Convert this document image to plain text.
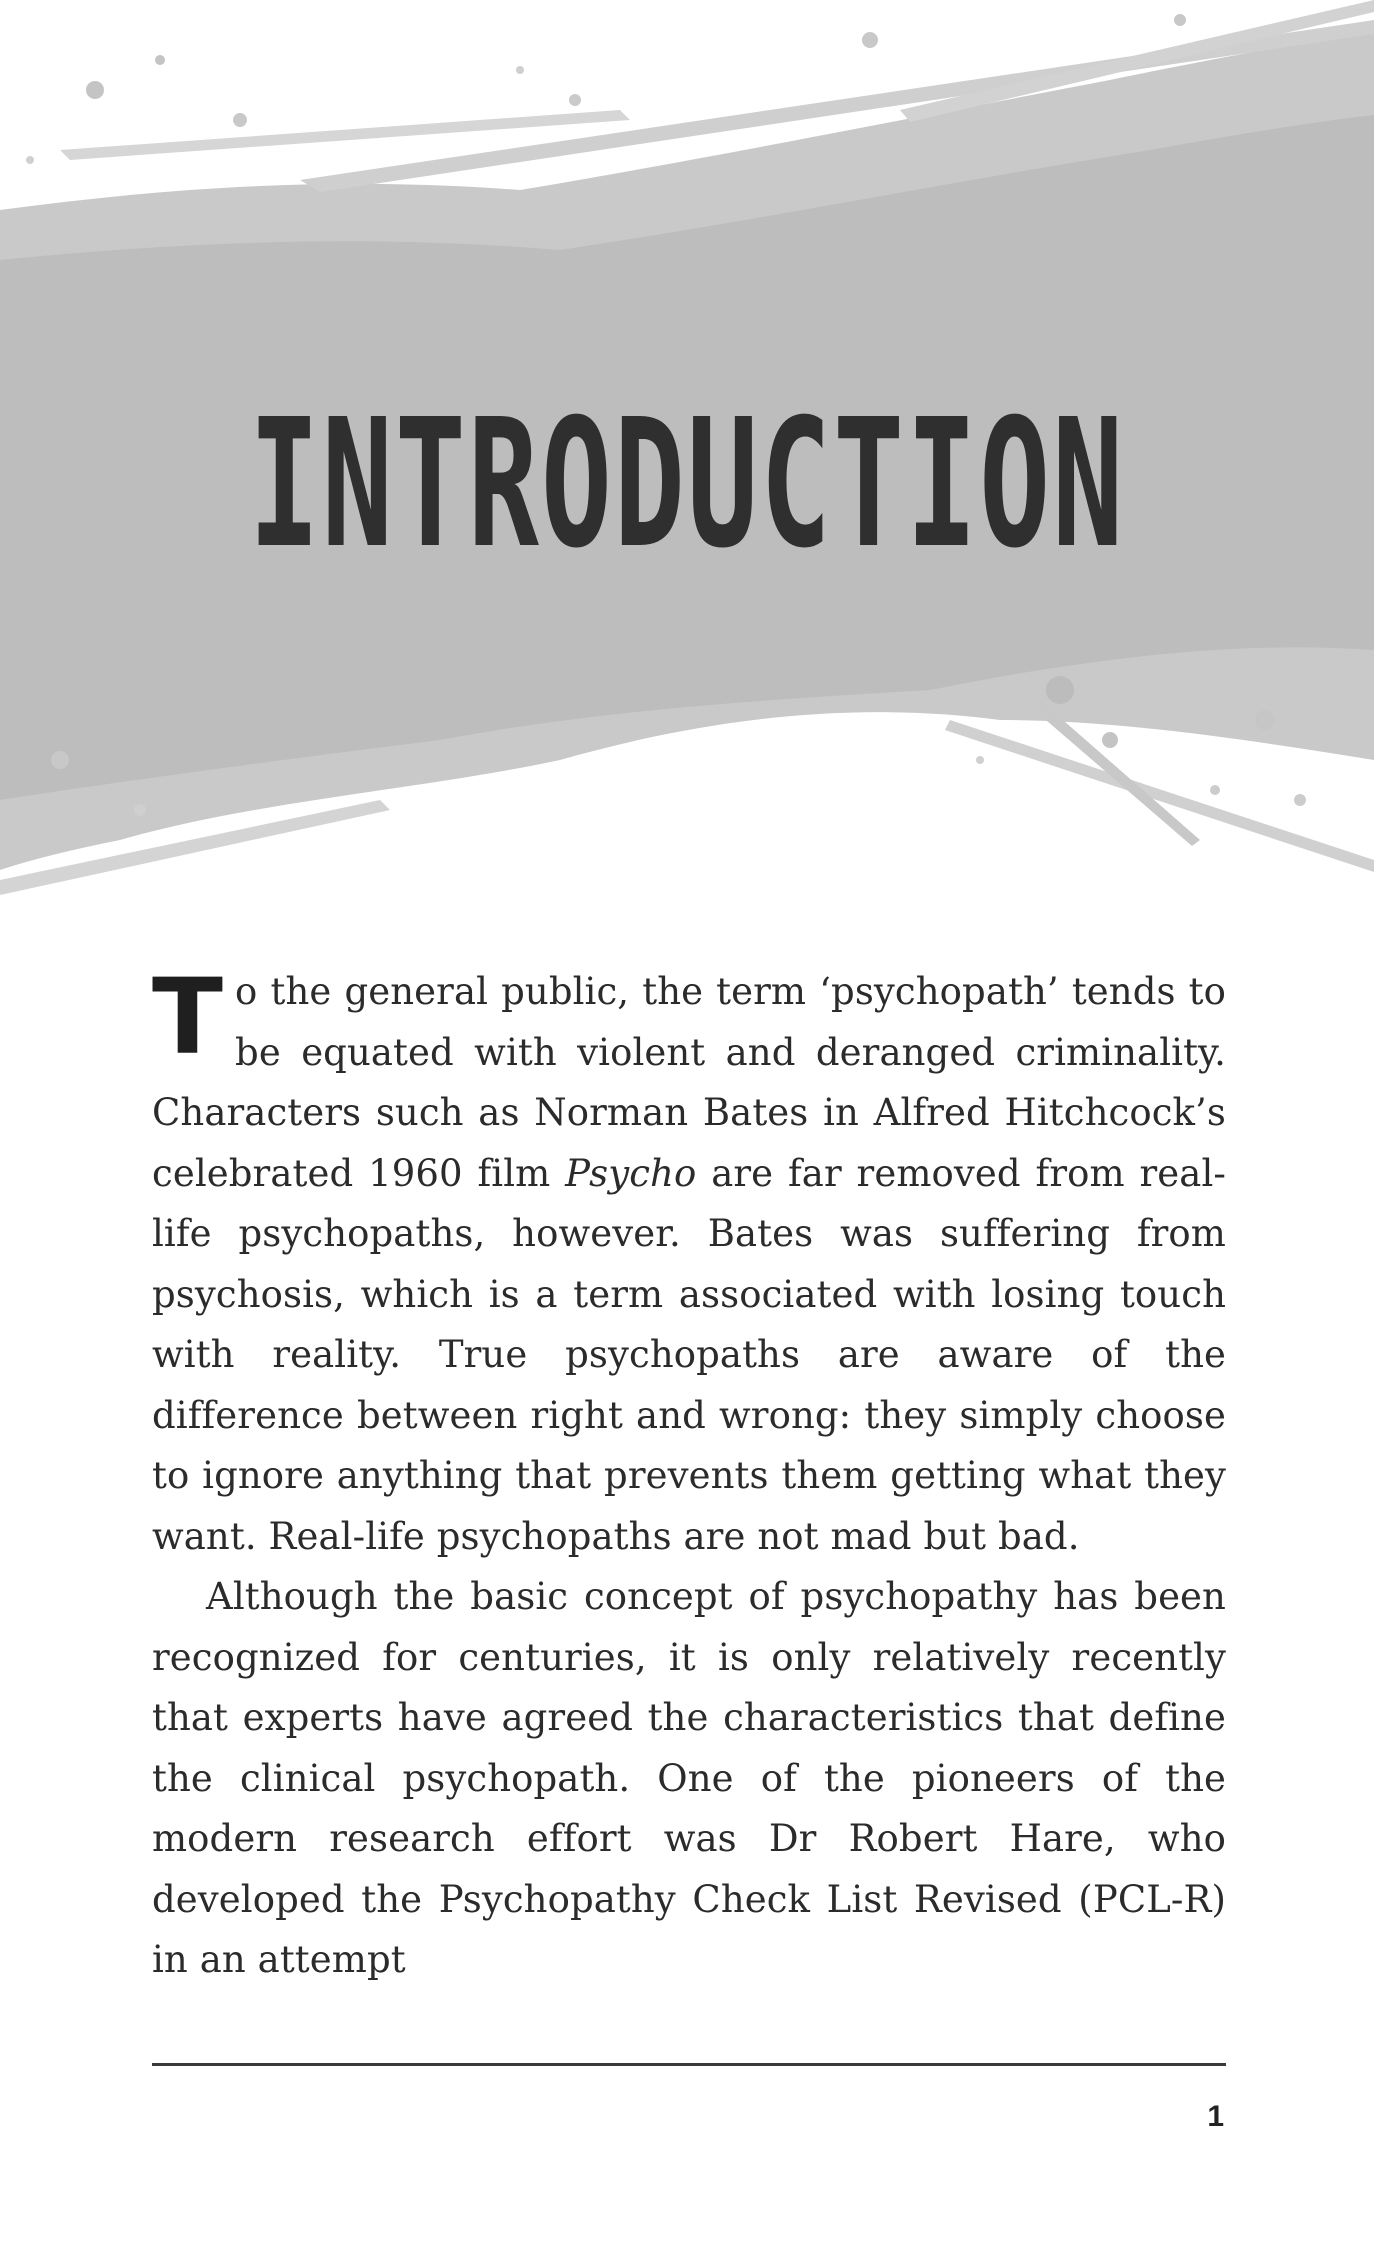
INTRODUCTION

To the general public, the term ‘psychopath’ tends to be equated with violent and deranged criminality. Characters such as Norman Bates in Alfred Hitchcock’s celebrated 1960 film Psycho are far removed from real-life psychopaths, however. Bates was suffering from psychosis, which is a term associated with losing touch with reality. True psychopaths are aware of the difference between right and wrong: they simply choose to ignore anything that prevents them getting what they want. Real-life psychopaths are not mad but bad.

Although the basic concept of psychopathy has been recognized for centuries, it is only relatively recently that experts have agreed the characteristics that define the clinical psychopath. One of the pioneers of the modern research effort was Dr Robert Hare, who developed the Psychopathy Check List Revised (PCL-R) in an attempt

1
